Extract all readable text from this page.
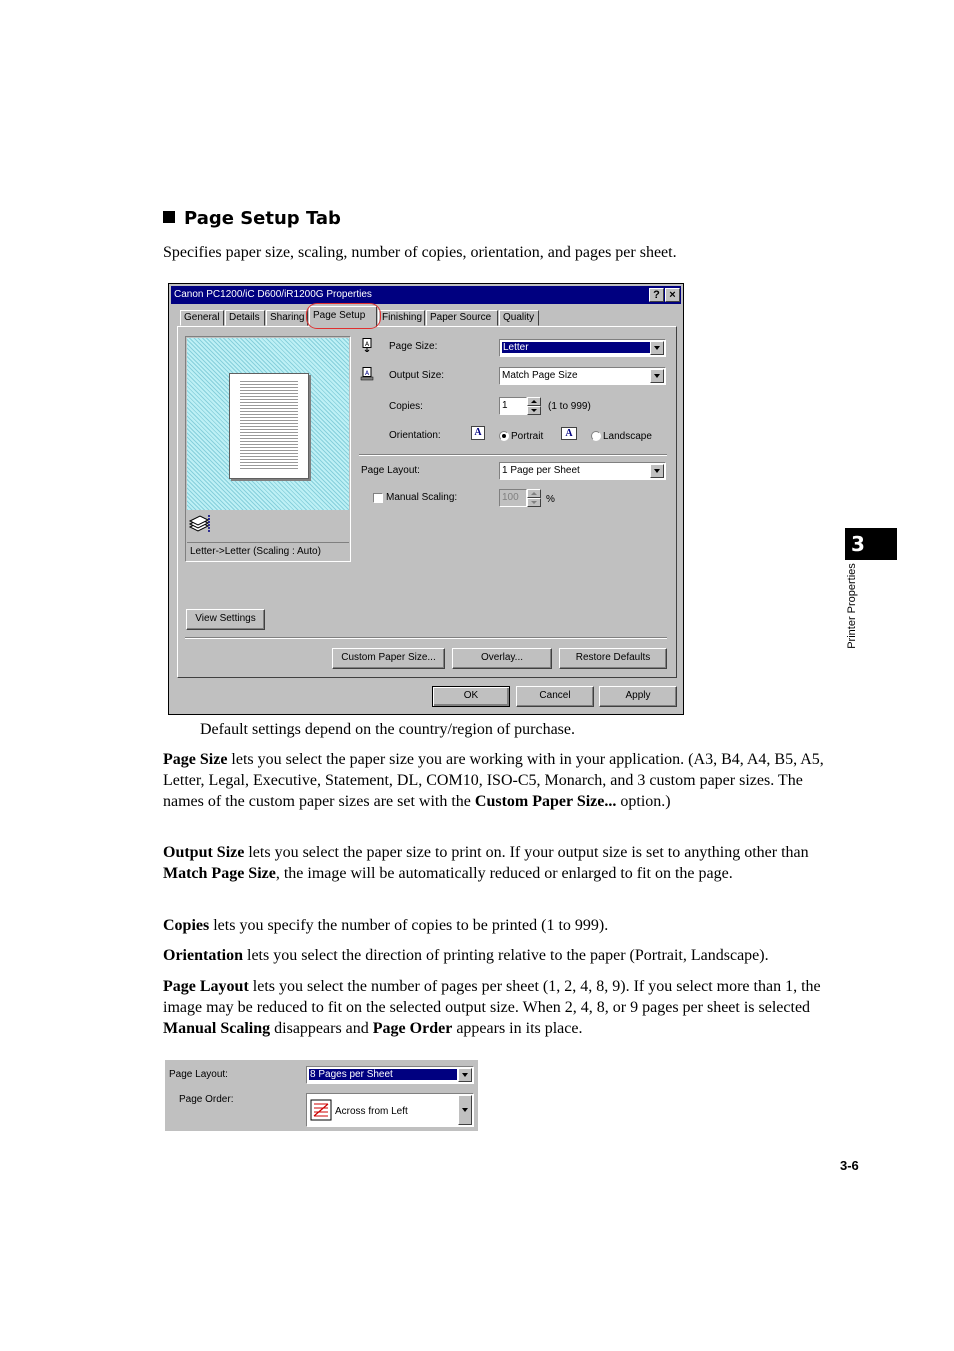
Page Setup Tab
Specifies paper size, scaling, number of copies, orientation, and pages per sheet.
Canon PC1200/iC D600/iR1200G Properties	? ×
General Details	Sharing Page Setup	Finishing Paper Source	Quality
Letter->Letter (Scaling : Auto)
A Page Size:	Letter
A Output Size:	Match Page Size
Copies:	1	(1 to 999)
Orientation:	A	Portrait	A	Landscape
Page Layout:	1 Page per Sheet
Manual Scaling:	100	%
View Settings
Custom Paper Size...	Overlay...	Restore Defaults
OK	Cancel	Apply
Default settings depend on the country/region of purchase.
Page Size lets you select the paper size you are working with in your application. (A3, B4, A4, B5, A5, Letter, Legal, Executive, Statement, DL, COM10, ISO-C5, Monarch, and 3 custom paper sizes. The names of the custom paper sizes are set with the Custom Paper Size... option.)
Output Size lets you select the paper size to print on. If your output size is set to anything other than Match Page Size, the image will be automatically reduced or enlarged to fit on the page.
Copies lets you specify the number of copies to be printed (1 to 999).
Orientation lets you select the direction of printing relative to the paper (Portrait, Landscape).
Page Layout lets you select the number of pages per sheet (1, 2, 4, 8, 9). If you select more than 1, the image may be reduced to fit on the selected output size. When 2, 4, 8, or 9 pages per sheet is selected Manual Scaling disappears and Page Order appears in its place.
Page Layout:	8 Pages per Sheet
Page Order:
Across from Left
3
Printer Properties
3-6
